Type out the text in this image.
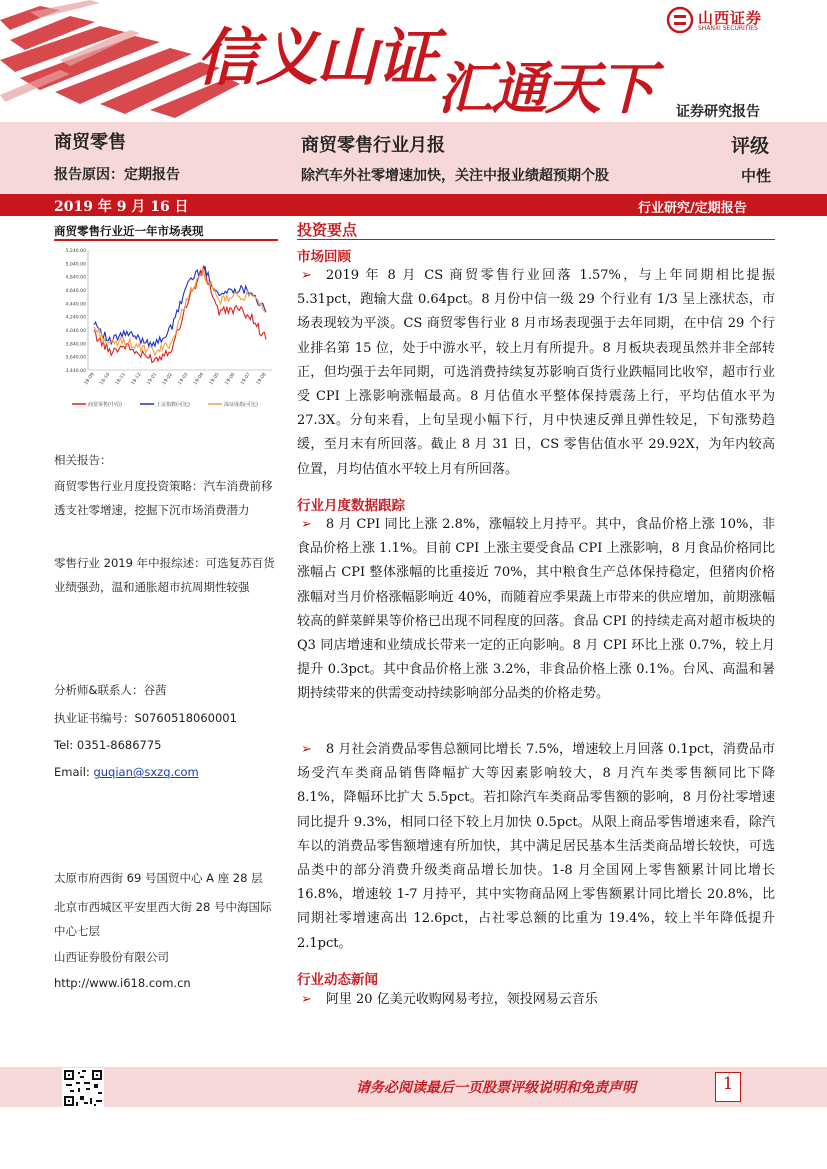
信义山证 汇通天下
山西证券
SHANXI SECURITIES
证券研究报告
商贸零售
报告原因：定期报告
商贸零售行业月报
除汽车外社零增速加快，关注中报业绩超预期个股
评级
中性
2019 年 9 月 16 日	行业研究/定期报告
商贸零售行业近一年市场表现
3,440.00
3,640.00
3,840.00
4,040.00
4,240.00
4,440.00
4,640.00
4,840.00
5,040.00
5,240.00
18-09 18-10 18-11 18-12 19-01 19-02 19-03 19-04 19-05 19-06 19-07 19-08
商贸零售(中信)	上证指数(可比)	深证成指(可比)
相关报告：
商贸零售行业月度投资策略：汽车消费前移透支社零增速，挖掘下沉市场消费潜力
零售行业 2019 年中报综述：可选复苏百货业绩强劲，温和通胀超市抗周期性较强
分析师&联系人：谷茜
执业证书编号：S0760518060001
Tel: 0351-8686775
Email: guqian@sxzq.com
太原市府西街 69 号国贸中心 A 座 28 层
北京市西城区平安里西大街 28 号中海国际中心七层
山西证券股份有限公司
http://www.i618.com.cn
投资要点
市场回顾
➢ 2019 年 8 月 CS 商贸零售行业回落 1.57%，与上年同期相比提振 5.31pct，跑输大盘 0.64pct。8 月份中信一级 29 个行业有 1/3 呈上涨状态，市场表现较为平淡。CS 商贸零售行业 8 月市场表现强于去年同期，在中信 29 个行业排名第 15 位，处于中游水平，较上月有所提升。8 月板块表现虽然并非全部转正，但均强于去年同期，可选消费持续复苏影响百货行业跌幅同比收窄，超市行业受 CPI 上涨影响涨幅最高。8 月估值水平整体保持震荡上行，平均估值水平为 27.3X。分旬来看，上旬呈现小幅下行，月中快速反弹且弹性较足，下旬涨势趋缓，至月末有所回落。截止 8 月 31 日，CS 零售估值水平 29.92X，为年内较高位置，月均估值水平较上月有所回落。
行业月度数据跟踪
➢ 8 月 CPI 同比上涨 2.8%，涨幅较上月持平。其中，食品价格上涨 10%，非食品价格上涨 1.1%。目前 CPI 上涨主要受食品 CPI 上涨影响，8 月食品价格同比涨幅占 CPI 整体涨幅的比重接近 70%，其中粮食生产总体保持稳定，但猪肉价格涨幅对当月价格涨幅影响近 40%，而随着应季果蔬上市带来的供应增加，前期涨幅较高的鲜菜鲜果等价格已出现不同程度的回落。食品 CPI 的持续走高对超市板块的 Q3 同店增速和业绩成长带来一定的正向影响。8 月 CPI 环比上涨 0.7%，较上月提升 0.3pct。其中食品价格上涨 3.2%，非食品价格上涨 0.1%。台风、高温和暑期持续带来的供需变动持续影响部分品类的价格走势。
➢ 8 月社会消费品零售总额同比增长 7.5%，增速较上月回落 0.1pct，消费品市场受汽车类商品销售降幅扩大等因素影响较大，8 月汽车类零售额同比下降 8.1%，降幅环比扩大 5.5pct。若扣除汽车类商品零售额的影响，8 月份社零增速同比提升 9.3%，相同口径下较上月加快 0.5pct。从限上商品零售增速来看，除汽车以的消费品零售额增速有所加快，其中满足居民基本生活类商品增长较快，可选品类中的部分消费升级类商品增长加快。1-8 月全国网上零售额累计同比增长 16.8%，增速较 1-7 月持平，其中实物商品网上零售额累计同比增长 20.8%，比同期社零增速高出 12.6pct，占社零总额的比重为 19.4%，较上半年降低提升 2.1pct。
行业动态新闻
➢ 阿里 20 亿美元收购网易考拉，领投网易云音乐
请务必阅读最后一页股票评级说明和免责声明	1
